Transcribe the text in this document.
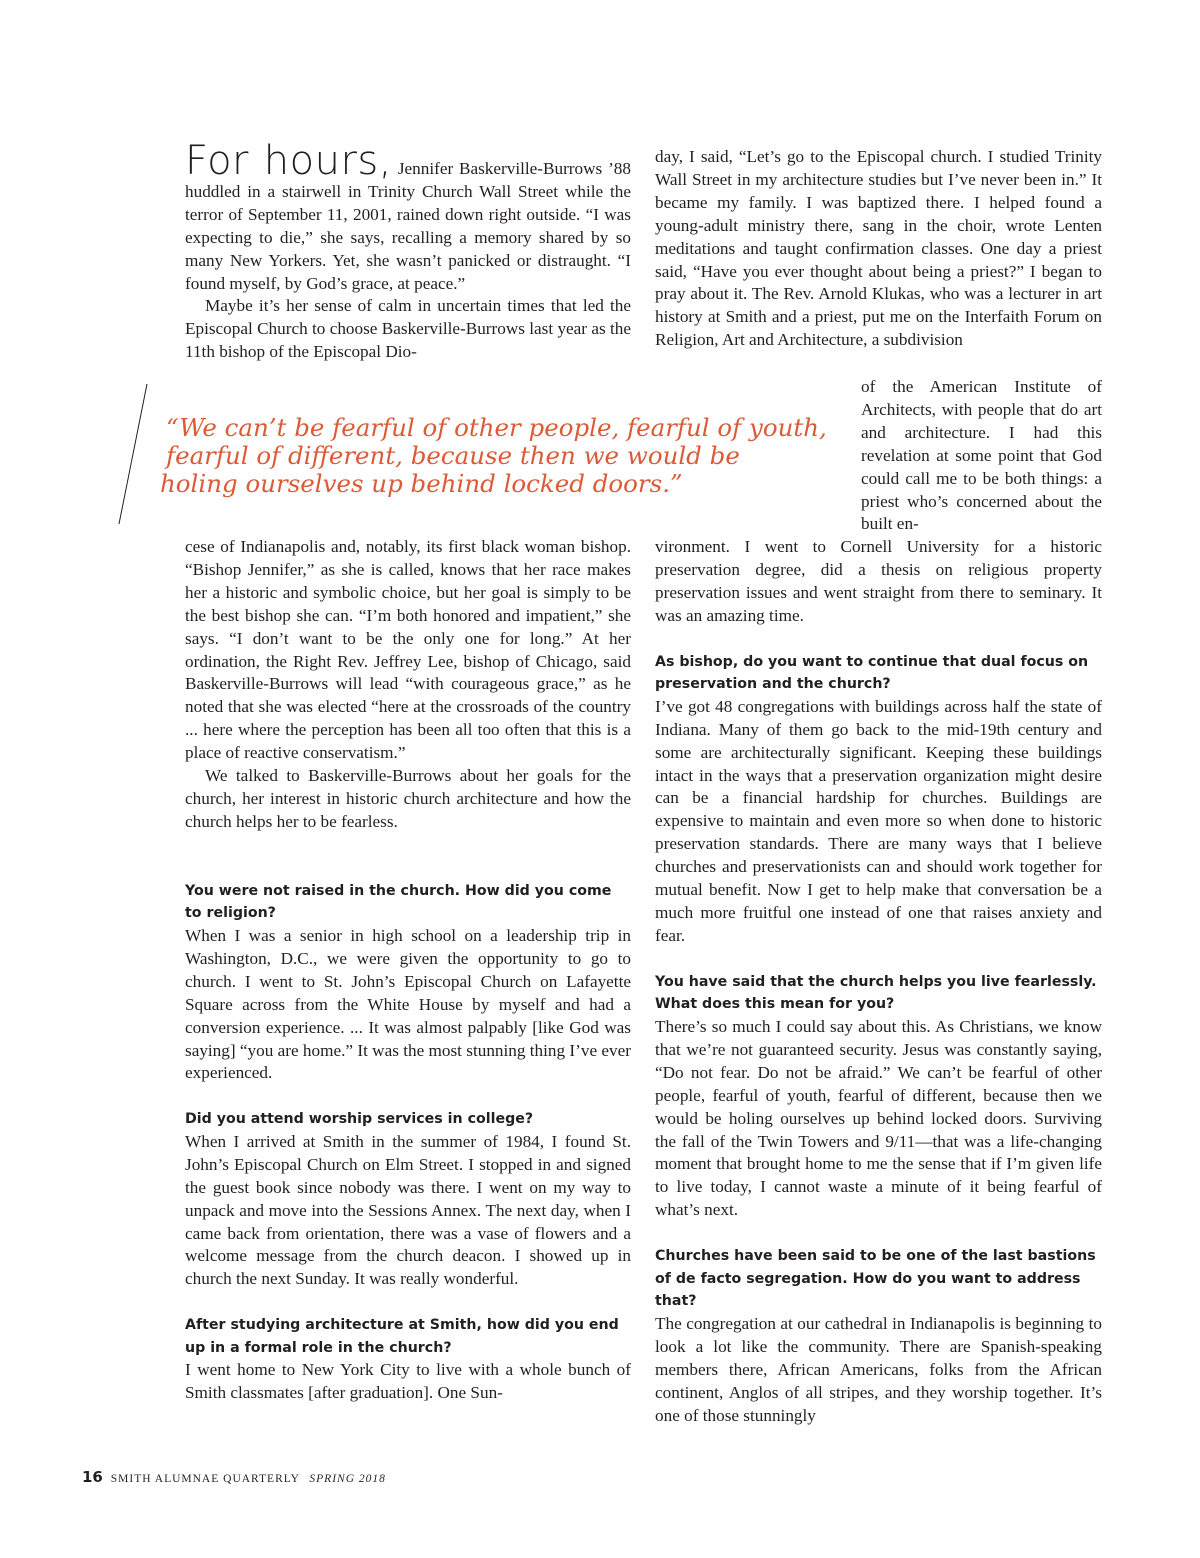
For hours, Jennifer Baskerville-Burrows ’88 huddled in a stairwell in Trinity Church Wall Street while the terror of September 11, 2001, rained down right outside. “I was expecting to die,” she says, recalling a memory shared by so many New Yorkers. Yet, she wasn’t panicked or distraught. “I found myself, by God’s grace, at peace.”

Maybe it’s her sense of calm in uncertain times that led the Episcopal Church to choose Baskerville-Burrows last year as the 11th bishop of the Episcopal Dio-

“We can’t be fearful of other people, fearful of youth,
fearful of different, because then we would be
holing ourselves up behind locked doors.”

cese of Indianapolis and, notably, its first black woman bishop. “Bishop Jennifer,” as she is called, knows that her race makes her a historic and symbolic choice, but her goal is simply to be the best bishop she can. “I’m both honored and impatient,” she says. “I don’t want to be the only one for long.” At her ordination, the Right Rev. Jeffrey Lee, bishop of Chicago, said Baskerville-Burrows will lead “with courageous grace,” as he noted that she was elected “here at the crossroads of the country ... here where the perception has been all too often that this is a place of reactive conservatism.”

We talked to Baskerville-Burrows about her goals for the church, her interest in historic church architecture and how the church helps her to be fearless.

You were not raised in the church. How did you come to religion?

When I was a senior in high school on a leadership trip in Washington, D.C., we were given the opportunity to go to church. I went to St. John’s Episcopal Church on Lafayette Square across from the White House by myself and had a conversion experience. ... It was almost palpably [like God was saying] “you are home.” It was the most stunning thing I’ve ever experienced.

Did you attend worship services in college?

When I arrived at Smith in the summer of 1984, I found St. John’s Episcopal Church on Elm Street. I stopped in and signed the guest book since nobody was there. I went on my way to unpack and move into the Sessions Annex. The next day, when I came back from orientation, there was a vase of flowers and a welcome message from the church deacon. I showed up in church the next Sunday. It was really wonderful.

After studying architecture at Smith, how did you end up in a formal role in the church?

I went home to New York City to live with a whole bunch of Smith classmates [after graduation]. One Sun-

day, I said, “Let’s go to the Episcopal church. I studied Trinity Wall Street in my architecture studies but I’ve never been in.” It became my family. I was baptized there. I helped found a young-adult ministry there, sang in the choir, wrote Lenten meditations and taught confirmation classes. One day a priest said, “Have you ever thought about being a priest?” I began to pray about it. The Rev. Arnold Klukas, who was a lecturer in art history at Smith and a priest, put me on the Interfaith Forum on Religion, Art and Architecture, a subdivision

of the American Institute of Architects, with people that do art and architecture. I had this revelation at some point that God could call me to be both things: a priest who’s concerned about the built en-

vironment. I went to Cornell University for a historic preservation degree, did a thesis on religious property preservation issues and went straight from there to seminary. It was an amazing time.

As bishop, do you want to continue that dual focus on preservation and the church?

I’ve got 48 congregations with buildings across half the state of Indiana. Many of them go back to the mid-19th century and some are architecturally significant. Keeping these buildings intact in the ways that a preservation organization might desire can be a financial hardship for churches. Buildings are expensive to maintain and even more so when done to historic preservation standards. There are many ways that I believe churches and preservationists can and should work together for mutual benefit. Now I get to help make that conversation be a much more fruitful one instead of one that raises anxiety and fear.

You have said that the church helps you live fearlessly. What does this mean for you?

There’s so much I could say about this. As Christians, we know that we’re not guaranteed security. Jesus was constantly saying, “Do not fear. Do not be afraid.” We can’t be fearful of other people, fearful of youth, fearful of different, because then we would be holing ourselves up behind locked doors. Surviving the fall of the Twin Towers and 9/11—that was a life-changing moment that brought home to me the sense that if I’m given life to live today, I cannot waste a minute of it being fearful of what’s next.

Churches have been said to be one of the last bastions of de facto segregation. How do you want to address that?

The congregation at our cathedral in Indianapolis is beginning to look a lot like the community. There are Spanish-speaking members there, African Americans, folks from the African continent, Anglos of all stripes, and they worship together. It’s one of those stunningly

16 SMITH ALUMNAE QUARTERLY SPRING 2018
